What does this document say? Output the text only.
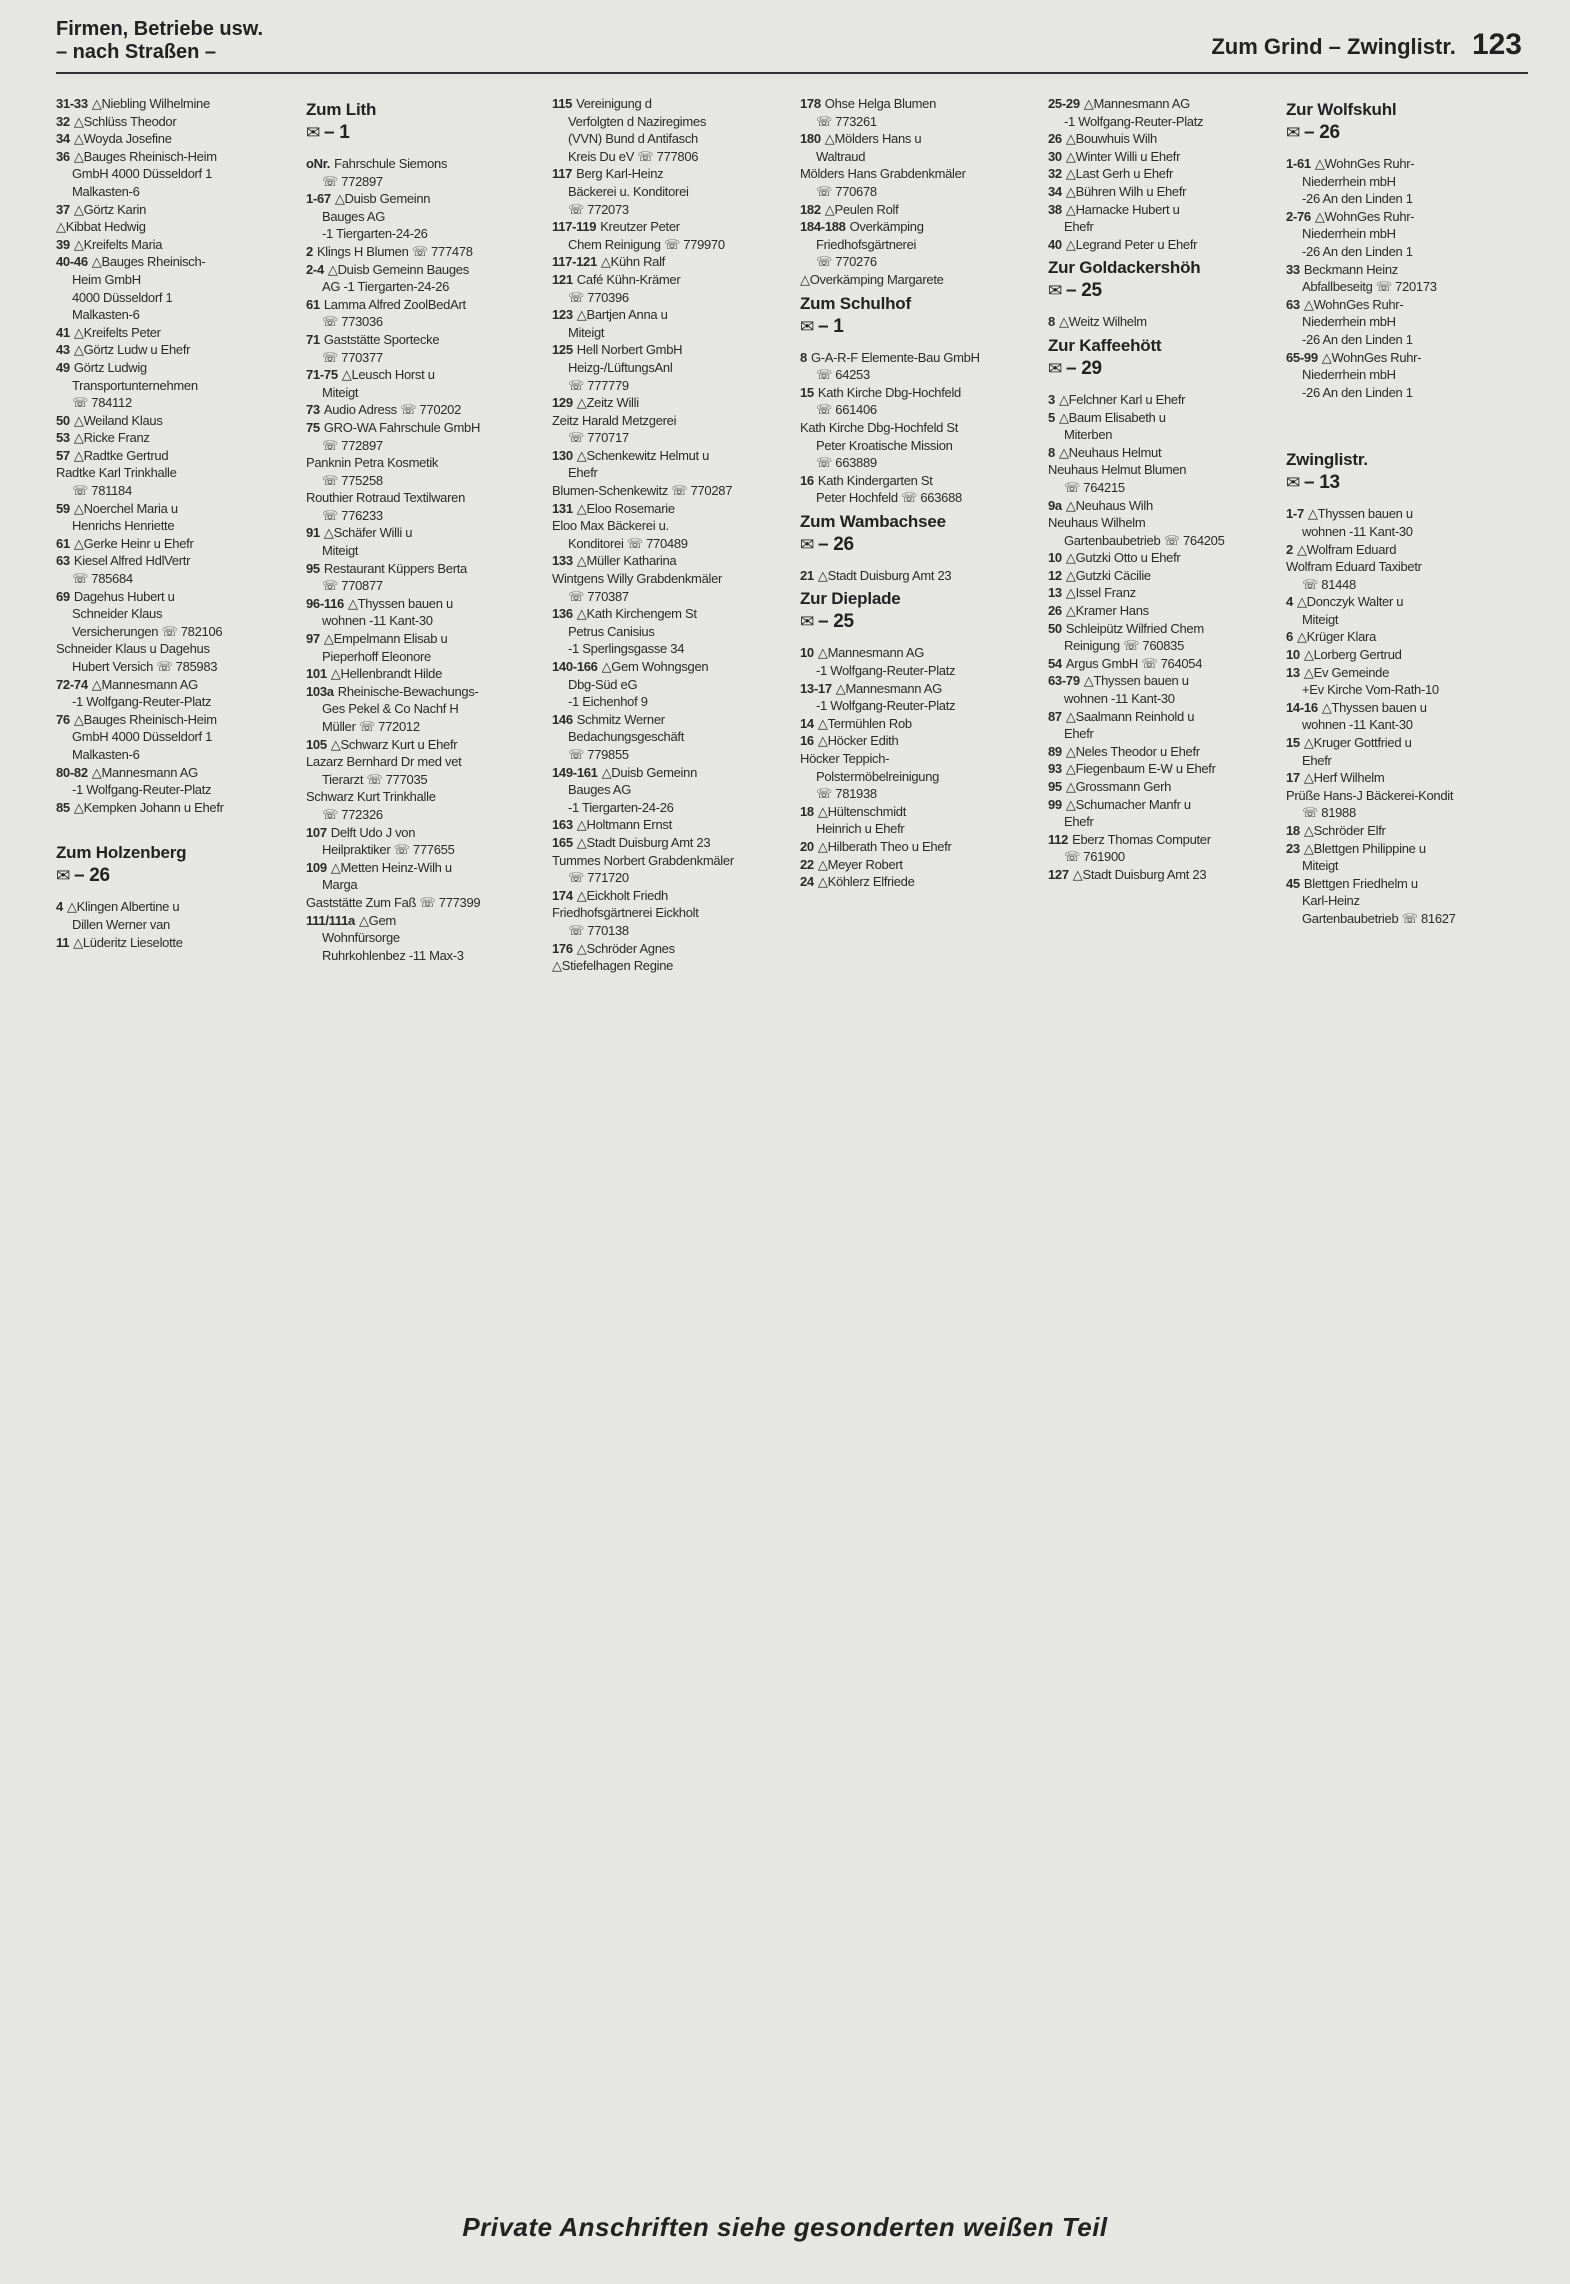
Firmen, Betriebe usw.
– nach Straßen –	Zum Grind – Zwinglistr. 123
31-33 △Niebling Wilhelmine
32 △Schlüss Theodor
34 △Woyda Josefine
36 △Bauges Rheinisch-Heim
GmbH 4000 Düsseldorf 1
Malkasten-6
37 △Görtz Karin
△Kibbat Hedwig
39 △Kreifelts Maria
40-46 △Bauges Rheinisch-
Heim GmbH
4000 Düsseldorf 1
Malkasten-6
41 △Kreifelts Peter
43 △Görtz Ludw u Ehefr
49 Görtz Ludwig
Transportunternehmen
☏ 784112
50 △Weiland Klaus
53 △Ricke Franz
57 △Radtke Gertrud
Radtke Karl Trinkhalle
☏ 781184
59 △Noerchel Maria u
Henrichs Henriette
61 △Gerke Heinr u Ehefr
63 Kiesel Alfred HdlVertr
☏ 785684
69 Dagehus Hubert u
Schneider Klaus
Versicherungen ☏ 782106
Schneider Klaus u Dagehus
Hubert Versich ☏ 785983
72-74 △Mannesmann AG
-1 Wolfgang-Reuter-Platz
76 △Bauges Rheinisch-Heim
GmbH 4000 Düsseldorf 1
Malkasten-6
80-82 △Mannesmann AG
-1 Wolfgang-Reuter-Platz
85 △Kempken Johann u Ehefr
Zum Holzenberg
✉ – 26
4 △Klingen Albertine u
Dillen Werner van
11 △Lüderitz Lieselotte
Zum Lith
✉ – 1
oNr. Fahrschule Siemons
☏ 772897
1-67 △Duisb Gemeinn
Bauges AG
-1 Tiergarten-24-26
2 Klings H Blumen ☏ 777478
2-4 △Duisb Gemeinn Bauges
AG -1 Tiergarten-24-26
61 Lamma Alfred ZoolBedArt
☏ 773036
71 Gaststätte Sportecke
☏ 770377
71-75 △Leusch Horst u
Miteigt
73 Audio Adress ☏ 770202
75 GRO-WA Fahrschule GmbH
☏ 772897
Panknin Petra Kosmetik
☏ 775258
Routhier Rotraud Textilwaren
☏ 776233
91 △Schäfer Willi u
Miteigt
95 Restaurant Küppers Berta
☏ 770877
96-116 △Thyssen bauen u
wohnen -11 Kant-30
97 △Empelmann Elisab u
Pieperhoff Eleonore
101 △Hellenbrandt Hilde
103a Rheinische-Bewachungs-
Ges Pekel & Co Nachf H
Müller ☏ 772012
105 △Schwarz Kurt u Ehefr
Lazarz Bernhard Dr med vet
Tierarzt ☏ 777035
Schwarz Kurt Trinkhalle
☏ 772326
107 Delft Udo J von
Heilpraktiker ☏ 777655
109 △Metten Heinz-Wilh u
Marga
Gaststätte Zum Faß ☏ 777399
111/111a △Gem
Wohnfürsorge
Ruhrkohlenbez -11 Max-3
115 Vereinigung d
Verfolgten d Naziregimes
(VVN) Bund d Antifasch
Kreis Du eV ☏ 777806
117 Berg Karl-Heinz
Bäckerei u. Konditorei
☏ 772073
117-119 Kreutzer Peter
Chem Reinigung ☏ 779970
117-121 △Kühn Ralf
121 Café Kühn-Krämer
☏ 770396
123 △Bartjen Anna u
Miteigt
125 Hell Norbert GmbH
Heizg-/LüftungsAnl
☏ 777779
129 △Zeitz Willi
Zeitz Harald Metzgerei
☏ 770717
130 △Schenkewitz Helmut u
Ehefr
Blumen-Schenkewitz ☏ 770287
131 △Eloo Rosemarie
Eloo Max Bäckerei u.
Konditorei ☏ 770489
133 △Müller Katharina
Wintgens Willy Grabdenkmäler
☏ 770387
136 △Kath Kirchengem St
Petrus Canisius
-1 Sperlingsgasse 34
140-166 △Gem Wohngsgen
Dbg-Süd eG
-1 Eichenhof 9
146 Schmitz Werner
Bedachungsgeschäft
☏ 779855
149-161 △Duisb Gemeinn
Bauges AG
-1 Tiergarten-24-26
163 △Holtmann Ernst
165 △Stadt Duisburg Amt 23
Tummes Norbert Grabdenkmäler
☏ 771720
174 △Eickholt Friedh
Friedhofsgärtnerei Eickholt
☏ 770138
176 △Schröder Agnes
△Stiefelhagen Regine
178 Ohse Helga Blumen
☏ 773261
180 △Mölders Hans u
Waltraud
Mölders Hans Grabdenkmäler
☏ 770678
182 △Peulen Rolf
184-188 Overkämping
Friedhofsgärtnerei
☏ 770276
△Overkämping Margarete
Zum Schulhof
✉ – 1
8 G-A-R-F Elemente-Bau GmbH
☏ 64253
15 Kath Kirche Dbg-Hochfeld
☏ 661406
Kath Kirche Dbg-Hochfeld St
Peter Kroatische Mission
☏ 663889
16 Kath Kindergarten St
Peter Hochfeld ☏ 663688
Zum Wambachsee
✉ – 26
21 △Stadt Duisburg Amt 23
Zur Dieplade
✉ – 25
10 △Mannesmann AG
-1 Wolfgang-Reuter-Platz
13-17 △Mannesmann AG
-1 Wolfgang-Reuter-Platz
14 △Termühlen Rob
16 △Höcker Edith
Höcker Teppich-
Polstermöbelreinigung
☏ 781938
18 △Hültenschmidt
Heinrich u Ehefr
20 △Hilberath Theo u Ehefr
22 △Meyer Robert
24 △Köhlerz Elfriede
25-29 △Mannesmann AG
-1 Wolfgang-Reuter-Platz
26 △Bouwhuis Wilh
30 △Winter Willi u Ehefr
32 △Last Gerh u Ehefr
34 △Bühren Wilh u Ehefr
38 △Harnacke Hubert u
Ehefr
40 △Legrand Peter u Ehefr
Zur Goldackershöh
✉ – 25
8 △Weitz Wilhelm
Zur Kaffeehött
✉ – 29
3 △Felchner Karl u Ehefr
5 △Baum Elisabeth u
Miterben
8 △Neuhaus Helmut
Neuhaus Helmut Blumen
☏ 764215
9a △Neuhaus Wilh
Neuhaus Wilhelm
Gartenbaubetrieb ☏ 764205
10 △Gutzki Otto u Ehefr
12 △Gutzki Cäcilie
13 △Issel Franz
26 △Kramer Hans
50 Schleipütz Wilfried Chem
Reinigung ☏ 760835
54 Argus GmbH ☏ 764054
63-79 △Thyssen bauen u
wohnen -11 Kant-30
87 △Saalmann Reinhold u
Ehefr
89 △Neles Theodor u Ehefr
93 △Fiegenbaum E-W u Ehefr
95 △Grossmann Gerh
99 △Schumacher Manfr u
Ehefr
112 Eberz Thomas Computer
☏ 761900
127 △Stadt Duisburg Amt 23
Zur Wolfskuhl
✉ – 26
1-61 △WohnGes Ruhr-
Niederrhein mbH
-26 An den Linden 1
2-76 △WohnGes Ruhr-
Niederrhein mbH
-26 An den Linden 1
33 Beckmann Heinz
Abfallbeseitg ☏ 720173
63 △WohnGes Ruhr-
Niederrhein mbH
-26 An den Linden 1
65-99 △WohnGes Ruhr-
Niederrhein mbH
-26 An den Linden 1
Zwinglistr.
✉ – 13
1-7 △Thyssen bauen u
wohnen -11 Kant-30
2 △Wolfram Eduard
Wolfram Eduard Taxibetr
☏ 81448
4 △Donczyk Walter u
Miteigt
6 △Krüger Klara
10 △Lorberg Gertrud
13 △Ev Gemeinde
+Ev Kirche Vom-Rath-10
14-16 △Thyssen bauen u
wohnen -11 Kant-30
15 △Kruger Gottfried u
Ehefr
17 △Herf Wilhelm
Prüße Hans-J Bäckerei-Kondit
☏ 81988
18 △Schröder Elfr
23 △Blettgen Philippine u
Miteigt
45 Blettgen Friedhelm u
Karl-Heinz
Gartenbaubetrieb ☏ 81627
Private Anschriften siehe gesonderten weißen Teil
